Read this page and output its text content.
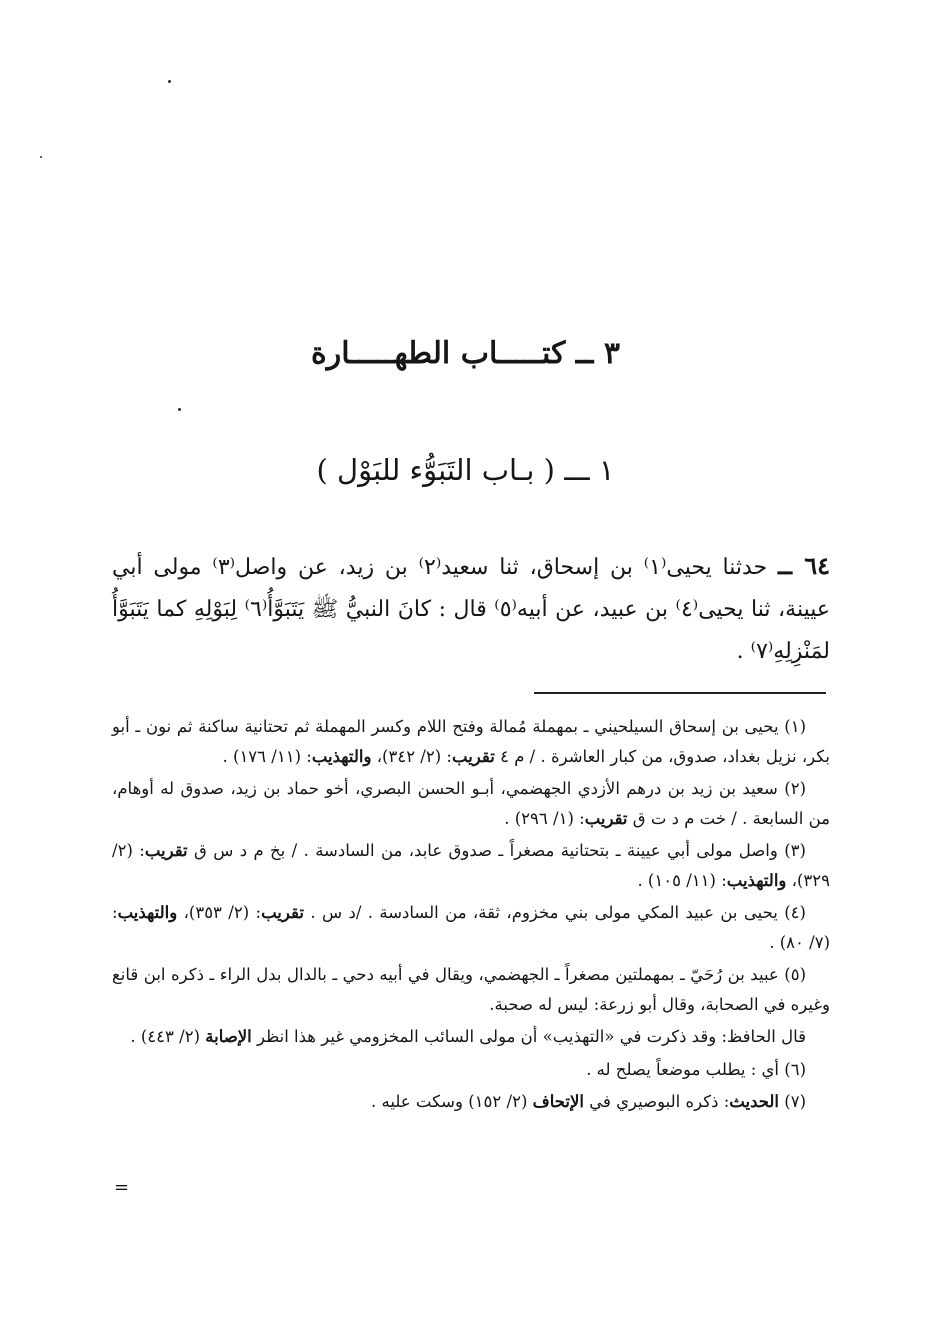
٣ ــ كتـــــاب الطهـــــارة
١ ـــ ( بـاب التَبَوُّء للبَوْل )
٦٤ ــ حدثنا يحيى⁽١⁾ بن إسحاق، ثنا سعيد⁽٢⁾ بن زيد، عن واصل⁽٣⁾ مولى أبي عيينة، ثنا يحيى⁽٤⁾ بن عبيد، عن أبيه⁽٥⁾ قال : كانَ النبيُّ ﷺ يَتَبَوَّأُ⁽٦⁾ لِبَوْلِهِ كما يَتَبَوَّأُ لمَنْزِلِهِ⁽٧⁾ .

(١) يحيى بن إسحاق السيلحيني ـ بمهملة مُمالة وفتح اللام وكسر المهملة ثم تحتانية ساكنة ثم نون ـ أبو بكر، نزيل بغداد، صدوق، من كبار العاشرة . / م ٤ تقريب: (٢/ ٣٤٢)، والتهذيب: (١١/ ١٧٦) .

(٢) سعيد بن زيد بن درهم الأزدي الجهضمي، أبـو الحسن البصري، أخو حماد بن زيد، صدوق له أوهام، من السابعة . / خت م د ت ق تقريب: (١/ ٢٩٦) .

(٣) واصل مولى أبي عيينة ـ بتحتانية مصغراً ـ صدوق عابد، من السادسة . / بخ م د س ق تقريب: (٢/ ٣٢٩)، والتهذيب: (١١/ ١٠٥) .

(٤) يحيى بن عبيد المكي مولى بني مخزوم، ثقة، من السادسة . /د س . تقريب: (٢/ ٣٥٣)، والتهذيب: (٧/ ٨٠) .

(٥) عبيد بن رُحَيّ ـ بمهملتين مصغراً ـ الجهضمي، ويقال في أبيه دحي ـ بالدال بدل الراء ـ ذكره ابن قانع وغيره في الصحابة، وقال أبو زرعة: ليس له صحبة.

قال الحافظ: وقد ذكرت في «التهذيب» أن مولى السائب المخزومي غير هذا انظر الإصابة (٢/ ٤٤٣) .

(٦) أي : يطلب موضعاً يصلح له .

(٧) الحديث: ذكره البوصيري في الإتحاف (٢/ ١٥٢) وسكت عليه .

=
